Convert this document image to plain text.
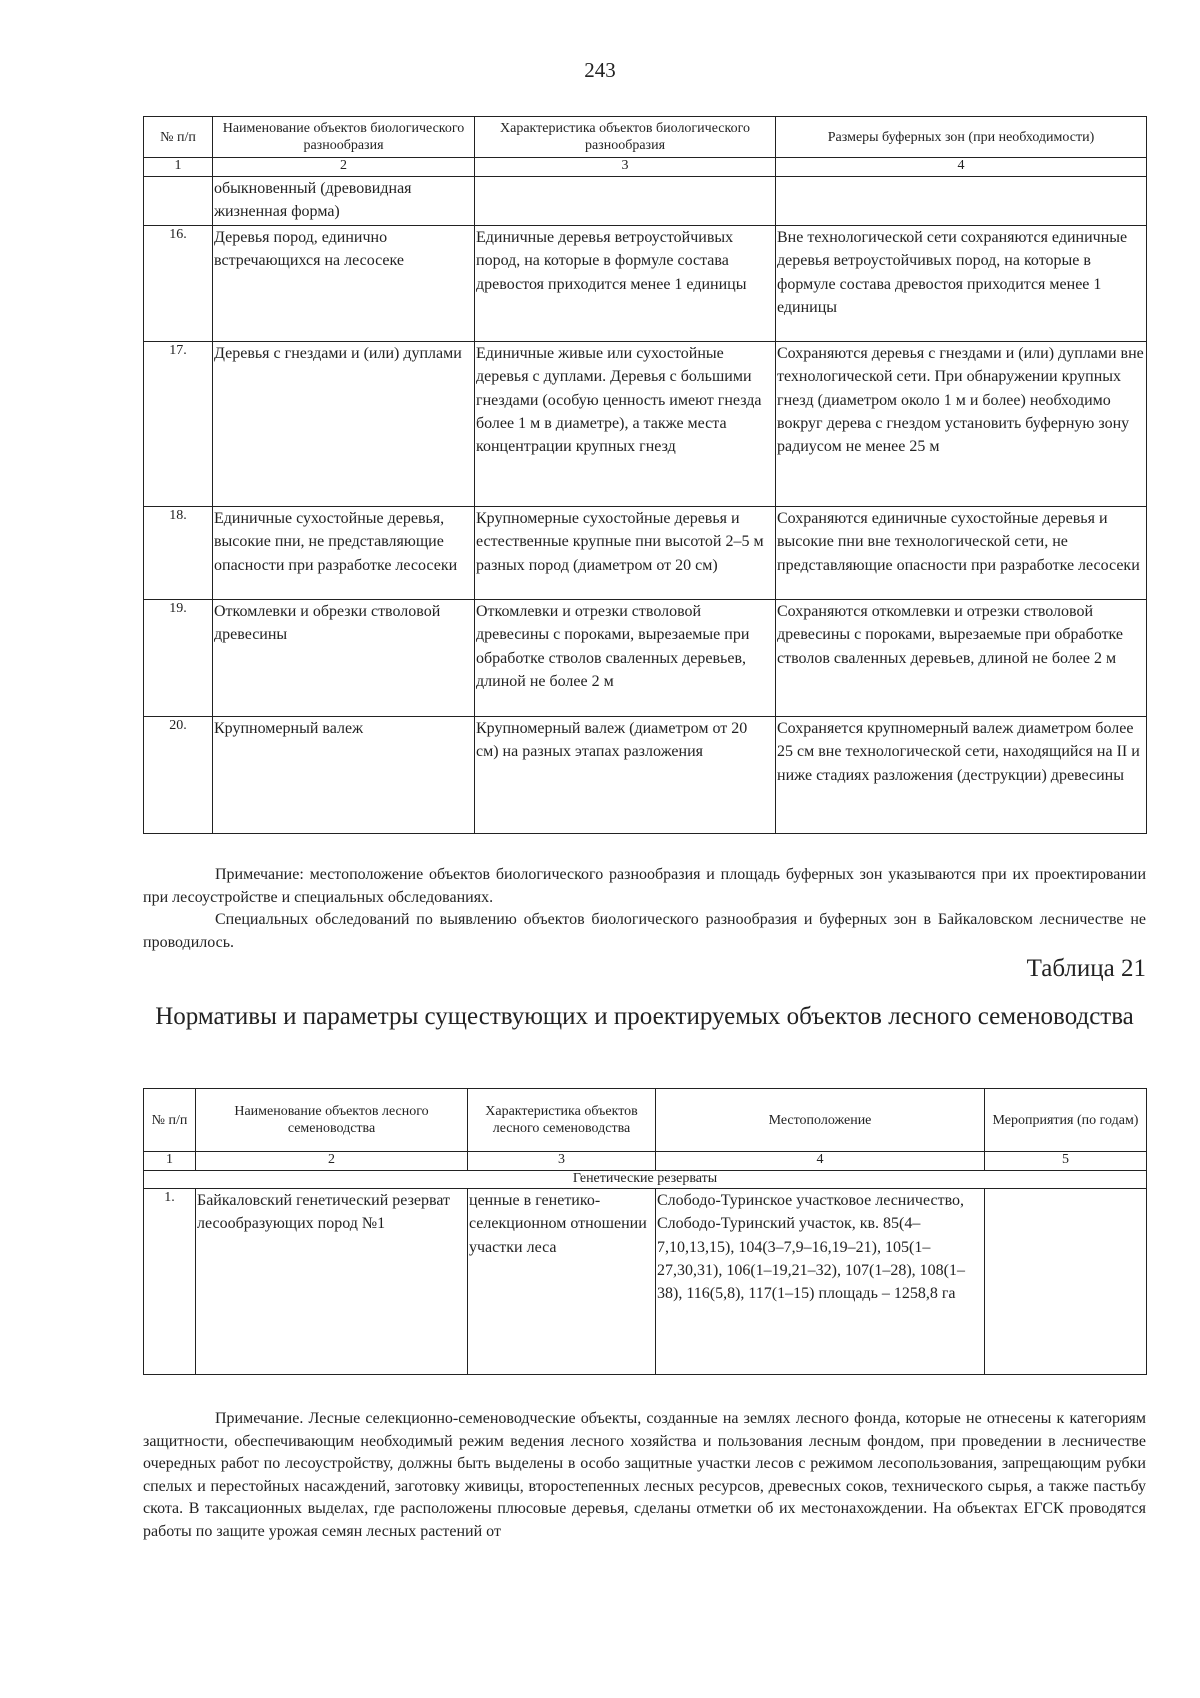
243
№ п/п	Наименование объектов биологического разнообразия	Характеристика объектов биологического разнообразия	Размеры буферных зон (при необходимости)
1	2	3	4
	обыкновенный (древовидная жизненная форма)		
16.	Деревья пород, единично встречающихся на лесосеке	Единичные деревья ветроустойчивых пород, на которые в формуле состава древостоя приходится менее 1 единицы	Вне технологической сети сохраняются единичные деревья ветроустойчивых пород, на которые в формуле состава древостоя приходится менее 1 единицы
17.	Деревья с гнездами и (или) дуплами	Единичные живые или сухостойные деревья с дуплами. Деревья с большими гнездами (особую ценность имеют гнезда более 1 м в диаметре), а также места концентрации крупных гнезд	Сохраняются деревья с гнездами и (или) дуплами вне технологической сети. При обнаружении крупных гнезд (диаметром около 1 м и более) необходимо вокруг дерева с гнездом установить буферную зону радиусом не менее 25 м
18.	Единичные сухостойные деревья, высокие пни, не представляющие опасности при разработке лесосеки	Крупномерные сухостойные деревья и естественные крупные пни высотой 2–5 м разных пород (диаметром от 20 см)	Сохраняются единичные сухостойные деревья и высокие пни вне технологической сети, не представляющие опасности при разработке лесосеки
19.	Откомлевки и обрезки стволовой древесины	Откомлевки и отрезки стволовой древесины с пороками, вырезаемые при обработке стволов сваленных деревьев, длиной не более 2 м	Сохраняются откомлевки и отрезки стволовой древесины с пороками, вырезаемые при обработке стволов сваленных деревьев, длиной не более 2 м
20.	Крупномерный валеж	Крупномерный валеж (диаметром от 20 см) на разных этапах разложения	Сохраняется крупномерный валеж диаметром более 25 см вне технологической сети, находящийся на II и ниже стадиях разложения (деструкции) древесины
Примечание: местоположение объектов биологического разнообразия и площадь буферных зон указываются при их проектировании при лесоустройстве и специальных обследованиях.
Специальных обследований по выявлению объектов биологического разнообразия и буферных зон в Байкаловском лесничестве не проводилось.
Таблица 21
Нормативы и параметры существующих и проектируемых объектов лесного семеноводства
№ п/п	Наименование объектов лесного семеноводства	Характеристика объектов лесного семеноводства	Местоположение	Мероприятия (по годам)
1	2	3	4	5
Генетические резерваты				
1.	Байкаловский генетический резерват лесообразующих пород №1	ценные в генетико-селекционном отношении участки леса	Слободо-Туринское участковое лесничество, Слободо-Туринский участок, кв. 85(4–7,10,13,15), 104(3–7,9–16,19–21), 105(1–27,30,31), 106(1–19,21–32), 107(1–28), 108(1–38), 116(5,8), 117(1–15) площадь – 1258,8 га	
Примечание. Лесные селекционно-семеноводческие объекты, созданные на землях лесного фонда, которые не отнесены к категориям защитности, обеспечивающим необходимый режим ведения лесного хозяйства и пользования лесным фондом, при проведении в лесничестве очередных работ по лесоустройству, должны быть выделены в особо защитные участки лесов с режимом лесопользования, запрещающим рубки спелых и перестойных насаждений, заготовку живицы, второстепенных лесных ресурсов, древесных соков, технического сырья, а также пастьбу скота. В таксационных выделах, где расположены плюсовые деревья, сделаны отметки об их местонахождении. На объектах ЕГСК проводятся работы по защите урожая семян лесных растений от
